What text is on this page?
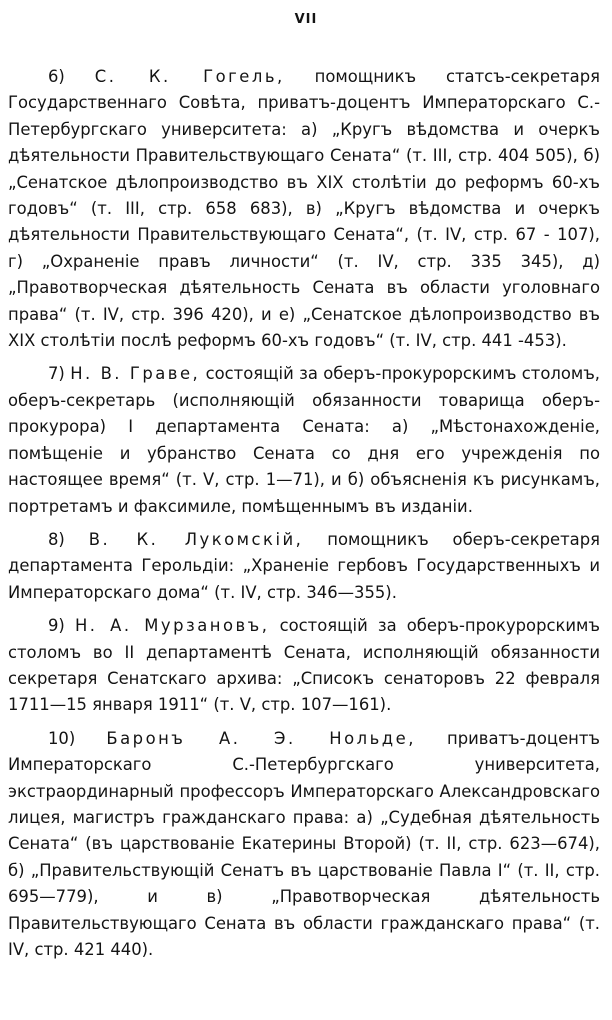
VII

6) С. К. Гогель, помощникъ статсъ-секретаря Государственнаго Совѣта, приватъ-доцентъ Императорскаго С.-Петербургскаго университета: а) „Кругъ вѣдомства и очеркъ дѣятельности Правительствующаго Сената“ (т. III, стр. 404 505), б) „Сенатское дѣлопроизводство въ XIX столѣтіи до реформъ 60-хъ годовъ“ (т. III, стр. 658 683), в) „Кругъ вѣдомства и очеркъ дѣятельности Правительствующаго Сената“, (т. IV, стр. 67 - 107), г) „Охраненіе правъ личности“ (т. IV, стр. 335 345), д) „Правотворческая дѣятельность Сената въ области уголовнаго права“ (т. IV, стр. 396 420), и е) „Сенатское дѣлопроизводство въ XIX столѣтіи послѣ реформъ 60-хъ годовъ“ (т. IV, стр. 441 -453).

7) Н. В. Граве, состоящій за оберъ-прокурорскимъ столомъ, оберъ-секретарь (исполняющій обязанности товарища оберъ-прокурора) I департамента Сената: а) „Мѣстонахожденіе, помѣщеніе и убранство Сената со дня его учрежденія по настоящее время“ (т. V, стр. 1—71), и б) объясненія къ рисункамъ, портретамъ и факсимиле, помѣщеннымъ въ изданіи.

8) В. К. Лукомскій, помощникъ оберъ-секретаря департамента Герольдіи: „Храненіе гербовъ Государственныхъ и Императорскаго дома“ (т. IV, стр. 346—355).

9) Н. А. Мурзановъ, состоящій за оберъ-прокурорскимъ столомъ во II департаментѣ Сената, исполняющій обязанности секретаря Сенатскаго архива: „Списокъ сенаторовъ 22 февраля 1711—15 января 1911“ (т. V, стр. 107—161).

10) Баронъ А. Э. Нольде, приватъ-доцентъ Императорскаго С.-Петербургскаго университета, экстраординарный профессоръ Императорскаго Александровскаго лицея, магистръ гражданскаго права: а) „Судебная дѣятельность Сената“ (въ царствованіе Екатерины Второй) (т. II, стр. 623—674), б) „Правительствующій Сенатъ въ царствованіе Павла I“ (т. II, стр. 695—779), и в) „Правотворческая дѣятельность Правительствующаго Сената въ области гражданскаго права“ (т. IV, стр. 421 440).
